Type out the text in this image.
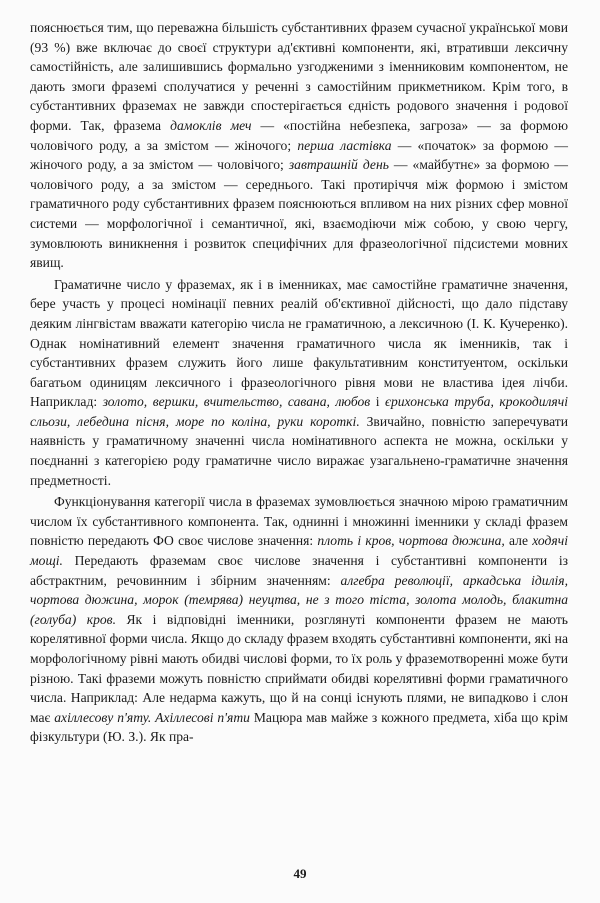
пояснюється тим, що переважна більшість субстантивних фразем сучасної української мови (93 %) вже включає до своєї структури ад'єктивні компоненти, які, втративши лексичну самостійність, але залишившись формально узгодженими з іменниковим компонентом, не дають змоги фраземі сполучатися у реченні з самостійним прикметником. Крім того, в субстантивних фраземах не завжди спостерігається єдність родового значення і родової форми. Так, фразема дамоклів меч — «постійна небезпека, загроза» — за формою чоловічого роду, а за змістом — жіночого; перша ластівка — «початок» за формою — жіночого роду, а за змістом — чоловічого; завтрашній день — «майбутнє» за формою — чоловічого роду, а за змістом — середнього. Такі протиріччя між формою і змістом граматичного роду субстантивних фразем пояснюються впливом на них різних сфер мовної системи — морфологічної і семантичної, які, взаємодіючи між собою, у свою чергу, зумовлюють виникнення і розвиток специфічних для фразеологічної підсистеми мовних явищ.

Граматичне число у фраземах, як і в іменниках, має самостійне граматичне значення, бере участь у процесі номінації певних реалій об'єктивної дійсності, що дало підставу деяким лінгвістам вважати категорію числа не граматичною, а лексичною (І. К. Кучеренко). Однак номінативний елемент значення граматичного числа як іменників, так і субстантивних фразем служить його лише факультативним конституентом, оскільки багатьом одиницям лексичного і фразеологічного рівня мови не властива ідея лічби. Наприклад: золото, вершки, вчительство, савана, любов і єрихонська труба, крокодилячі сльози, лебедина пісня, море по коліна, руки короткі. Звичайно, повністю заперечувати наявність у граматичному значенні числа номінативного аспекта не можна, оскільки у поєднанні з категорією роду граматичне число виражає узагальнено-граматичне значення предметності.

Функціонування категорії числа в фраземах зумовлюється значною мірою граматичним числом їх субстантивного компонента. Так, однинні і множинні іменники у складі фразем повністю передають ФО своє числове значення: плоть і кров, чортова дюжина, але ходячі мощі. Передають фраземам своє числове значення і субстантивні компоненти із абстрактним, речовинним і збірним значенням: алгебра революції, аркадська ідилія, чортова дюжина, морок (темрява) неуцтва, не з того тіста, золота молодь, блакитна (голуба) кров. Як і відповідні іменники, розглянуті компоненти фразем не мають корелятивної форми числа. Якщо до складу фразем входять субстантивні компоненти, які на морфологічному рівні мають обидві числові форми, то їх роль у фраземотворенні може бути різною. Такі фраземи можуть повністю сприймати обидві корелятивні форми граматичного числа. Наприклад: Але недарма кажуть, що й на сонці існують плями, не випадково і слон має ахіллесову п'яту. Ахіллесові п'яти Мацюра мав майже з кожного предмета, хіба що крім фізкультури (Ю. З.). Як пра-

49
